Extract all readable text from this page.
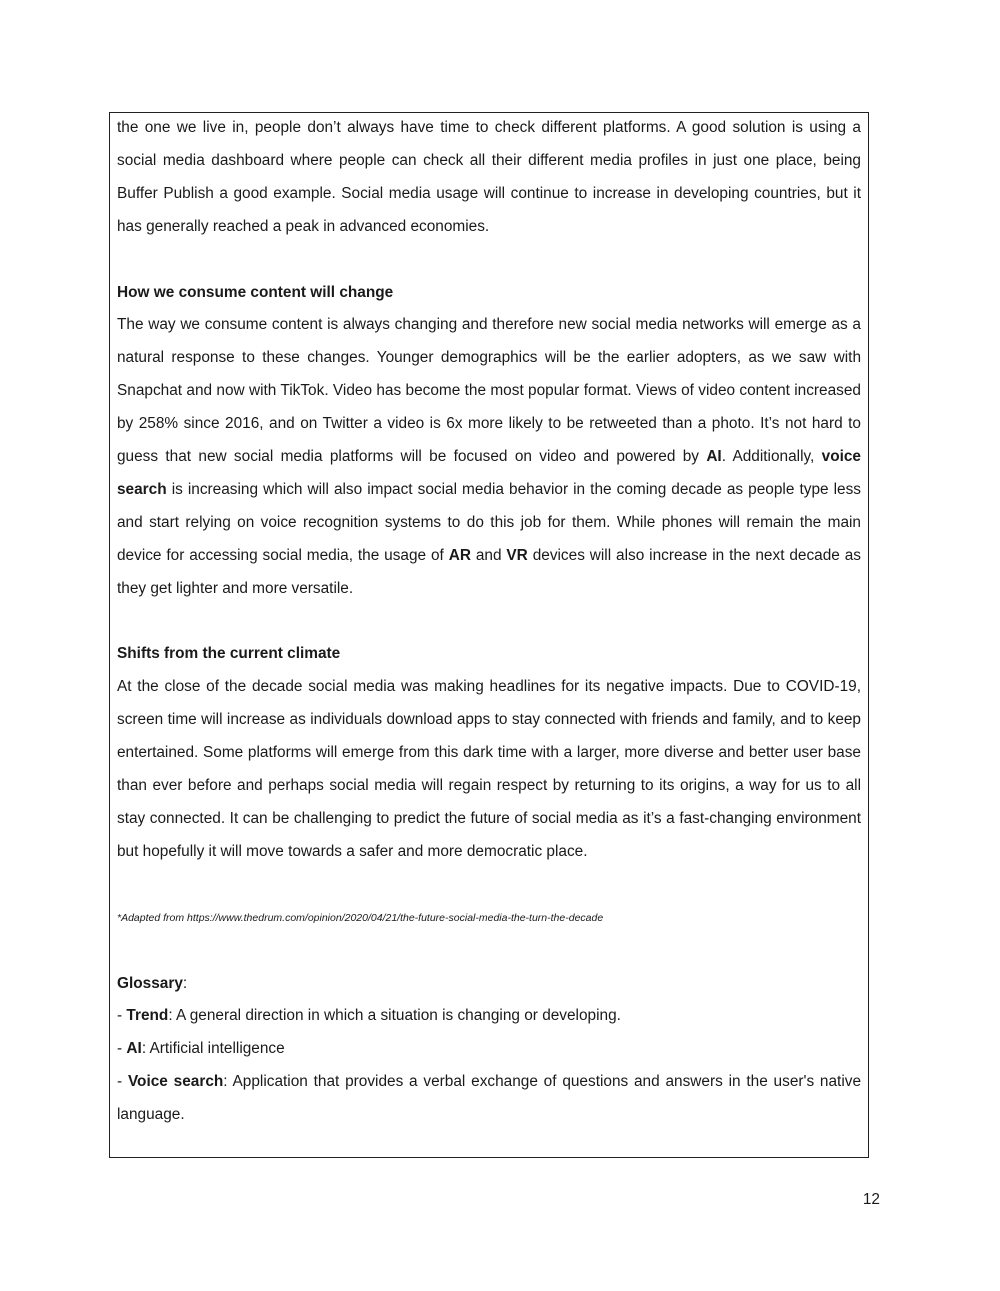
the one we live in, people don’t always have time to check different platforms. A good solution is using a social media dashboard where people can check all their different media profiles in just one place, being Buffer Publish a good example. Social media usage will continue to increase in developing countries, but it has generally reached a peak in advanced economies.

How we consume content will change

The way we consume content is always changing and therefore new social media networks will emerge as a natural response to these changes. Younger demographics will be the earlier adopters, as we saw with Snapchat and now with TikTok. Video has become the most popular format. Views of video content increased by 258% since 2016, and on Twitter a video is 6x more likely to be retweeted than a photo. It’s not hard to guess that new social media platforms will be focused on video and powered by AI. Additionally, voice search is increasing which will also impact social media behavior in the coming decade as people type less and start relying on voice recognition systems to do this job for them. While phones will remain the main device for accessing social media, the usage of AR and VR devices will also increase in the next decade as they get lighter and more versatile.

Shifts from the current climate

At the close of the decade social media was making headlines for its negative impacts. Due to COVID-19, screen time will increase as individuals download apps to stay connected with friends and family, and to keep entertained. Some platforms will emerge from this dark time with a larger, more diverse and better user base than ever before and perhaps social media will regain respect by returning to its origins, a way for us to all stay connected. It can be challenging to predict the future of social media as it’s a fast-changing environment but hopefully it will move towards a safer and more democratic place.

*Adapted from https://www.thedrum.com/opinion/2020/04/21/the-future-social-media-the-turn-the-decade

Glossary:

- Trend: A general direction in which a situation is changing or developing.

- AI: Artificial intelligence

- Voice search: Application that provides a verbal exchange of questions and answers in the user's native language.

12
